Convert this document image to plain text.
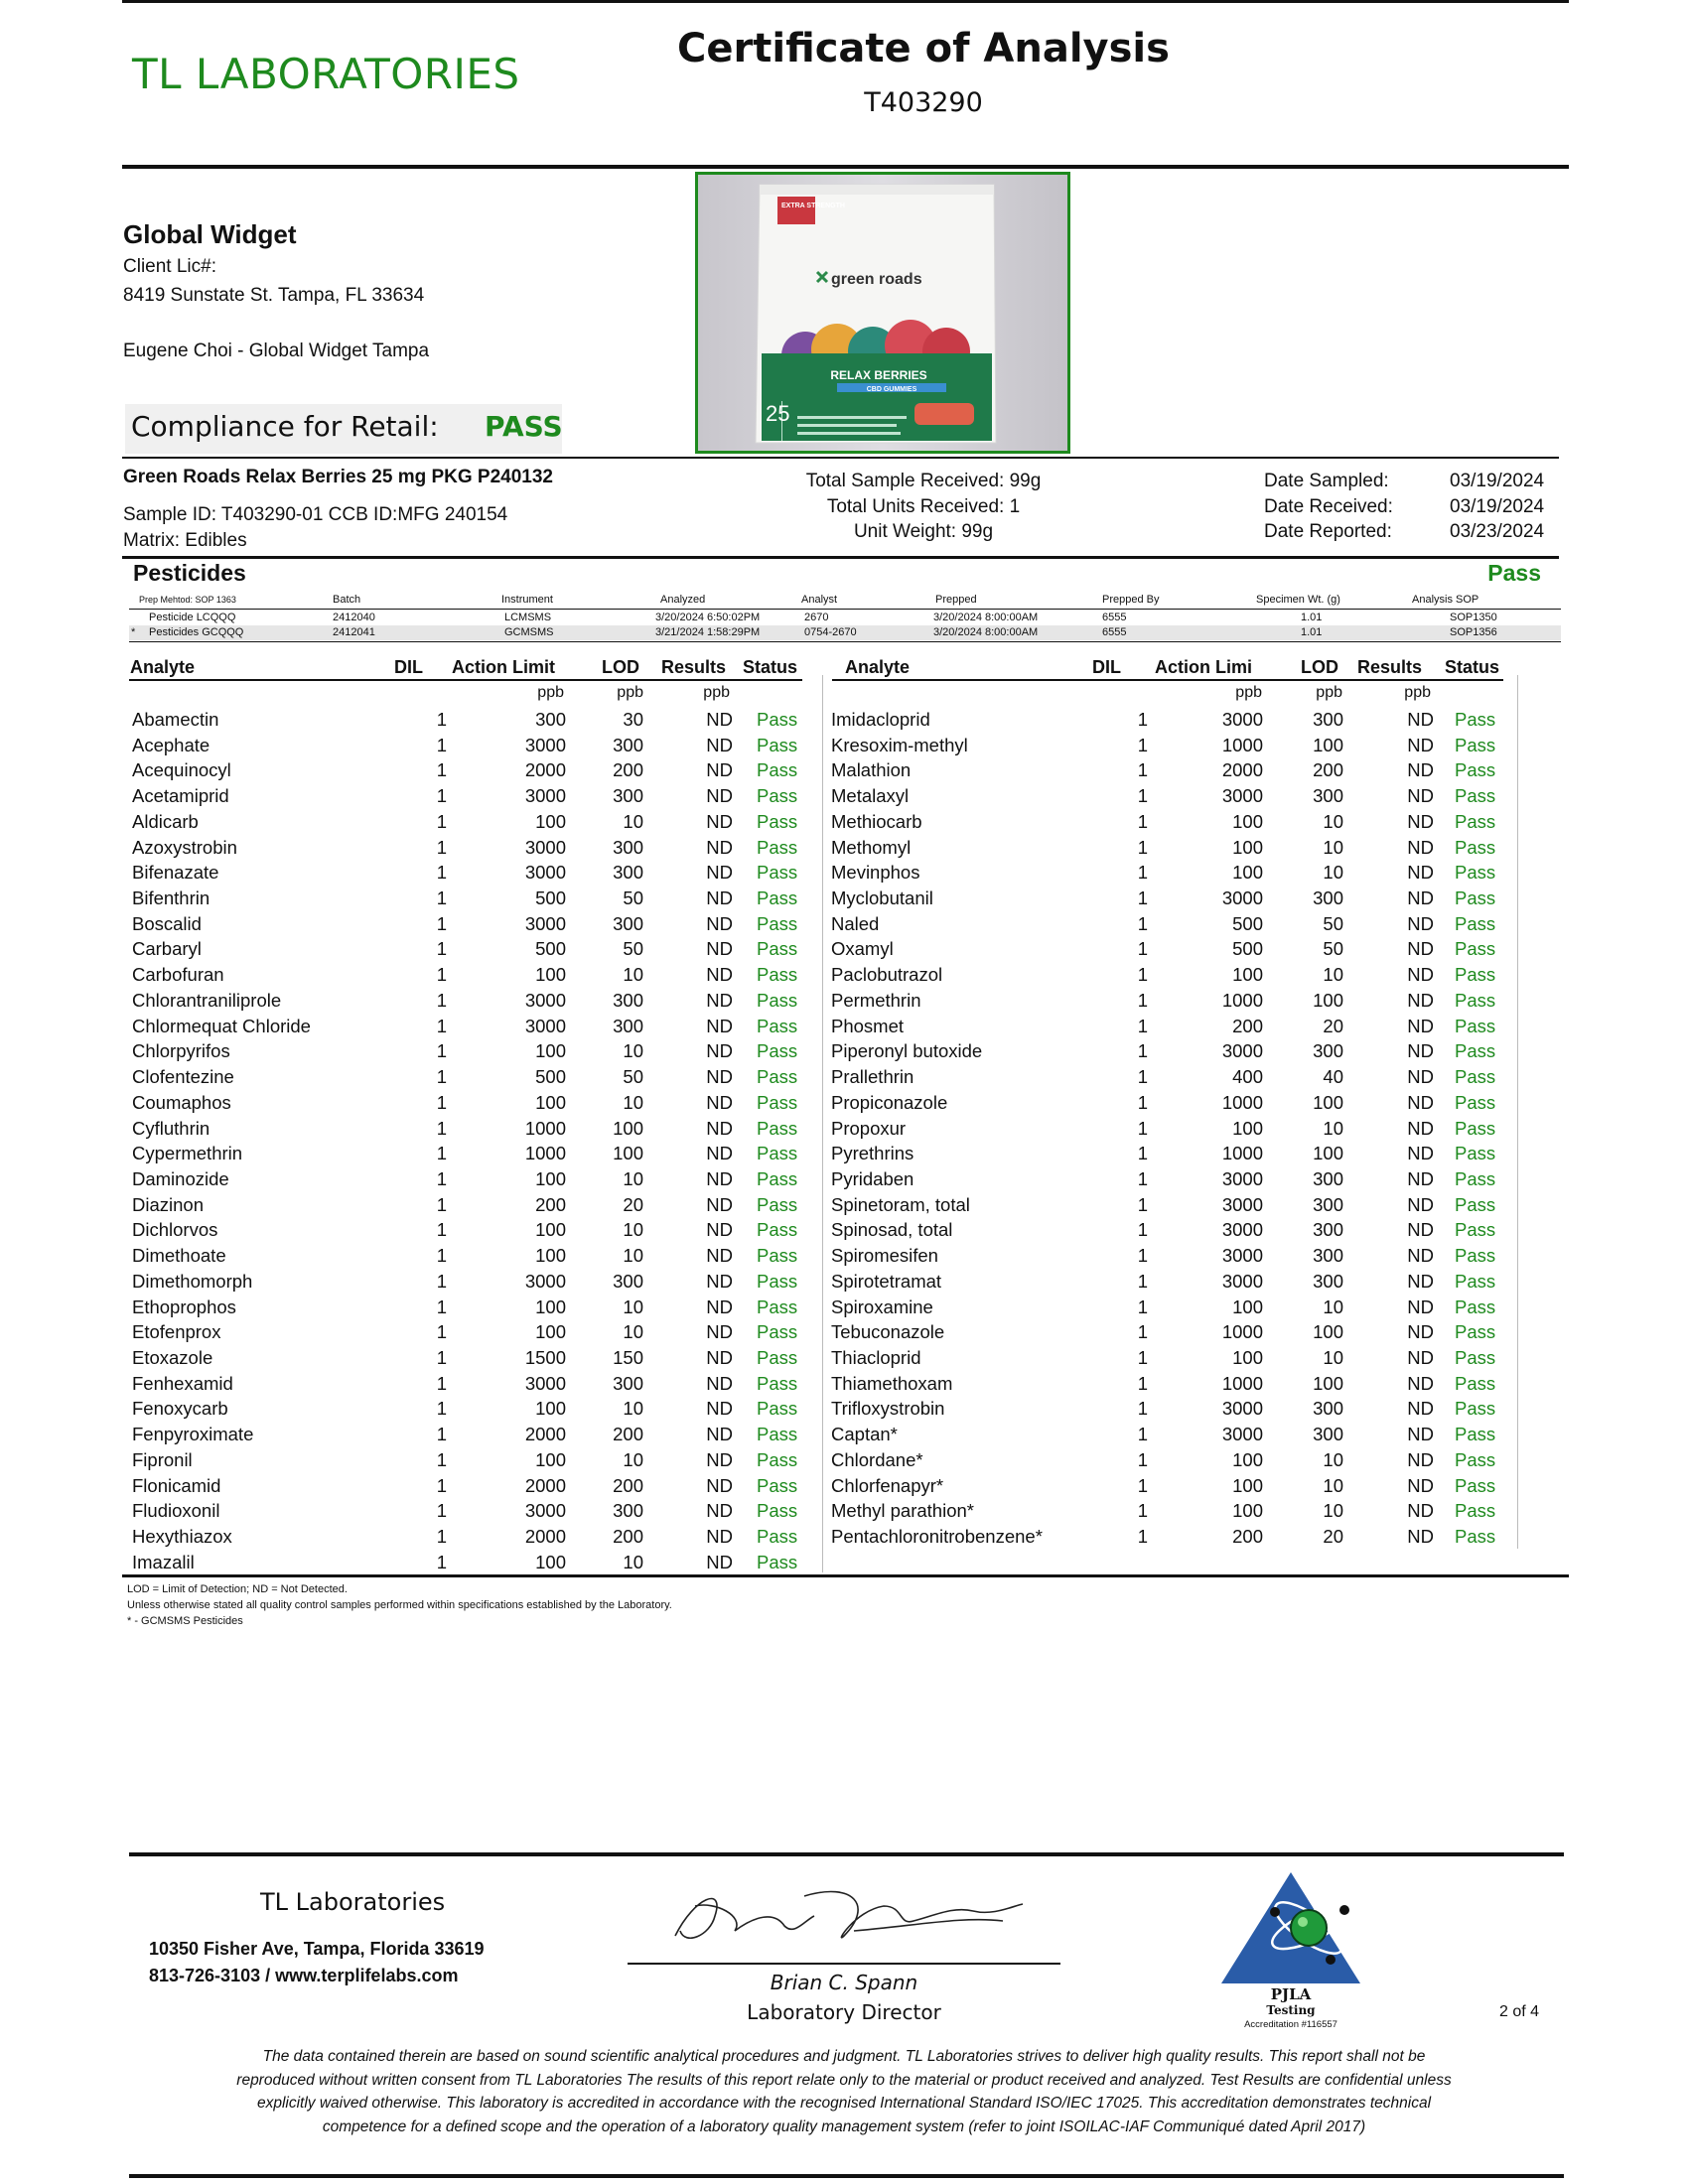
TL LABORATORIES
Certificate of Analysis
T403290
Global Widget
Client Lic#:
8419 Sunstate St. Tampa, FL 33634
Eugene Choi - Global Widget Tampa
Compliance for Retail: PASS
EXTRA STRENGTH
green roads
RELAX BERRIES
CBD GUMMIES
25
Green Roads Relax Berries 25 mg PKG P240132
Sample ID: T403290-01 CCB ID:MFG 240154
Matrix: Edibles
Total Sample Received: 99g
Total Units Received: 1
Unit Weight: 99g
Date Sampled:	03/19/2024
Date Received:	03/19/2024
Date Reported:	03/23/2024
Pesticides	Pass
Prep Mehtod: SOP 1363	Batch	Instrument	Analyzed	Analyst	Prepped	Prepped By	Specimen Wt. (g)	Analysis SOP
Pesticide LCQQQ	2412040	LCMSMS	3/20/2024 6:50:02PM	2670	3/20/2024 8:00:00AM	6555	1.01	SOP1350
* Pesticides GCQQQ	2412041	GCMSMS	3/21/2024 1:58:29PM	0754-2670	3/20/2024 8:00:00AM	6555	1.01	SOP1356
Analyte	DIL Action Limit	LOD Results Status	Analyte	DIL Action Limi	LOD Results Status
ppb	ppb	ppb	ppb	ppb	ppb
Abamectin	1	300	30	ND Pass
Acephate	1	3000	300	ND Pass
Acequinocyl	1	2000	200	ND Pass
Acetamiprid	1	3000	300	ND Pass
Aldicarb	1	100	10	ND Pass
Azoxystrobin	1	3000	300	ND Pass
Bifenazate	1	3000	300	ND Pass
Bifenthrin	1	500	50	ND Pass
Boscalid	1	3000	300	ND Pass
Carbaryl	1	500	50	ND Pass
Carbofuran	1	100	10	ND Pass
Chlorantraniliprole	1	3000	300	ND Pass
Chlormequat Chloride	1	3000	300	ND Pass
Chlorpyrifos	1	100	10	ND Pass
Clofentezine	1	500	50	ND Pass
Coumaphos	1	100	10	ND Pass
Cyfluthrin	1	1000	100	ND Pass
Cypermethrin	1	1000	100	ND Pass
Daminozide	1	100	10	ND Pass
Diazinon	1	200	20	ND Pass
Dichlorvos	1	100	10	ND Pass
Dimethoate	1	100	10	ND Pass
Dimethomorph	1	3000	300	ND Pass
Ethoprophos	1	100	10	ND Pass
Etofenprox	1	100	10	ND Pass
Etoxazole	1	1500	150	ND Pass
Fenhexamid	1	3000	300	ND Pass
Fenoxycarb	1	100	10	ND Pass
Fenpyroximate	1	2000	200	ND Pass
Fipronil	1	100	10	ND Pass
Flonicamid	1	2000	200	ND Pass
Fludioxonil	1	3000	300	ND Pass
Hexythiazox	1	2000	200	ND Pass
Imazalil	1	100	10	ND Pass
Imidacloprid	1	3000	300	ND Pass
Kresoxim-methyl	1	1000	100	ND Pass
Malathion	1	2000	200	ND Pass
Metalaxyl	1	3000	300	ND Pass
Methiocarb	1	100	10	ND Pass
Methomyl	1	100	10	ND Pass
Mevinphos	1	100	10	ND Pass
Myclobutanil	1	3000	300	ND Pass
Naled	1	500	50	ND Pass
Oxamyl	1	500	50	ND Pass
Paclobutrazol	1	100	10	ND Pass
Permethrin	1	1000	100	ND Pass
Phosmet	1	200	20	ND Pass
Piperonyl butoxide	1	3000	300	ND Pass
Prallethrin	1	400	40	ND Pass
Propiconazole	1	1000	100	ND Pass
Propoxur	1	100	10	ND Pass
Pyrethrins	1	1000	100	ND Pass
Pyridaben	1	3000	300	ND Pass
Spinetoram, total	1	3000	300	ND Pass
Spinosad, total	1	3000	300	ND Pass
Spiromesifen	1	3000	300	ND Pass
Spirotetramat	1	3000	300	ND Pass
Spiroxamine	1	100	10	ND Pass
Tebuconazole	1	1000	100	ND Pass
Thiacloprid	1	100	10	ND Pass
Thiamethoxam	1	1000	100	ND Pass
Trifloxystrobin	1	3000	300	ND Pass
Captan*	1	3000	300	ND Pass
Chlordane*	1	100	10	ND Pass
Chlorfenapyr*	1	100	10	ND Pass
Methyl parathion*	1	100	10	ND Pass
Pentachloronitrobenzene*	1	200	20	ND Pass
LOD = Limit of Detection; ND = Not Detected.
Unless otherwise stated all quality control samples performed within specifications established by the Laboratory.
* - GCMSMS Pesticides
TL Laboratories
10350 Fisher Ave, Tampa, Florida 33619
813-726-3103 / www.terplifelabs.com	Brian C. Spann
Laboratory Director
PJLA
Testing
Accreditation #116557
2 of 4
The data contained therein are based on sound scientific analytical procedures and judgment. TL Laboratories strives to deliver high quality results. This report shall not be reproduced without written consent from TL Laboratories The results of this report relate only to the material or product received and analyzed. Test Results are confidential unless explicitly waived otherwise. This laboratory is accredited in accordance with the recognised International Standard ISO/IEC 17025. This accreditation demonstrates technical competence for a defined scope and the operation of a laboratory quality management system (refer to joint ISOILAC-IAF Communiqué dated April 2017)
